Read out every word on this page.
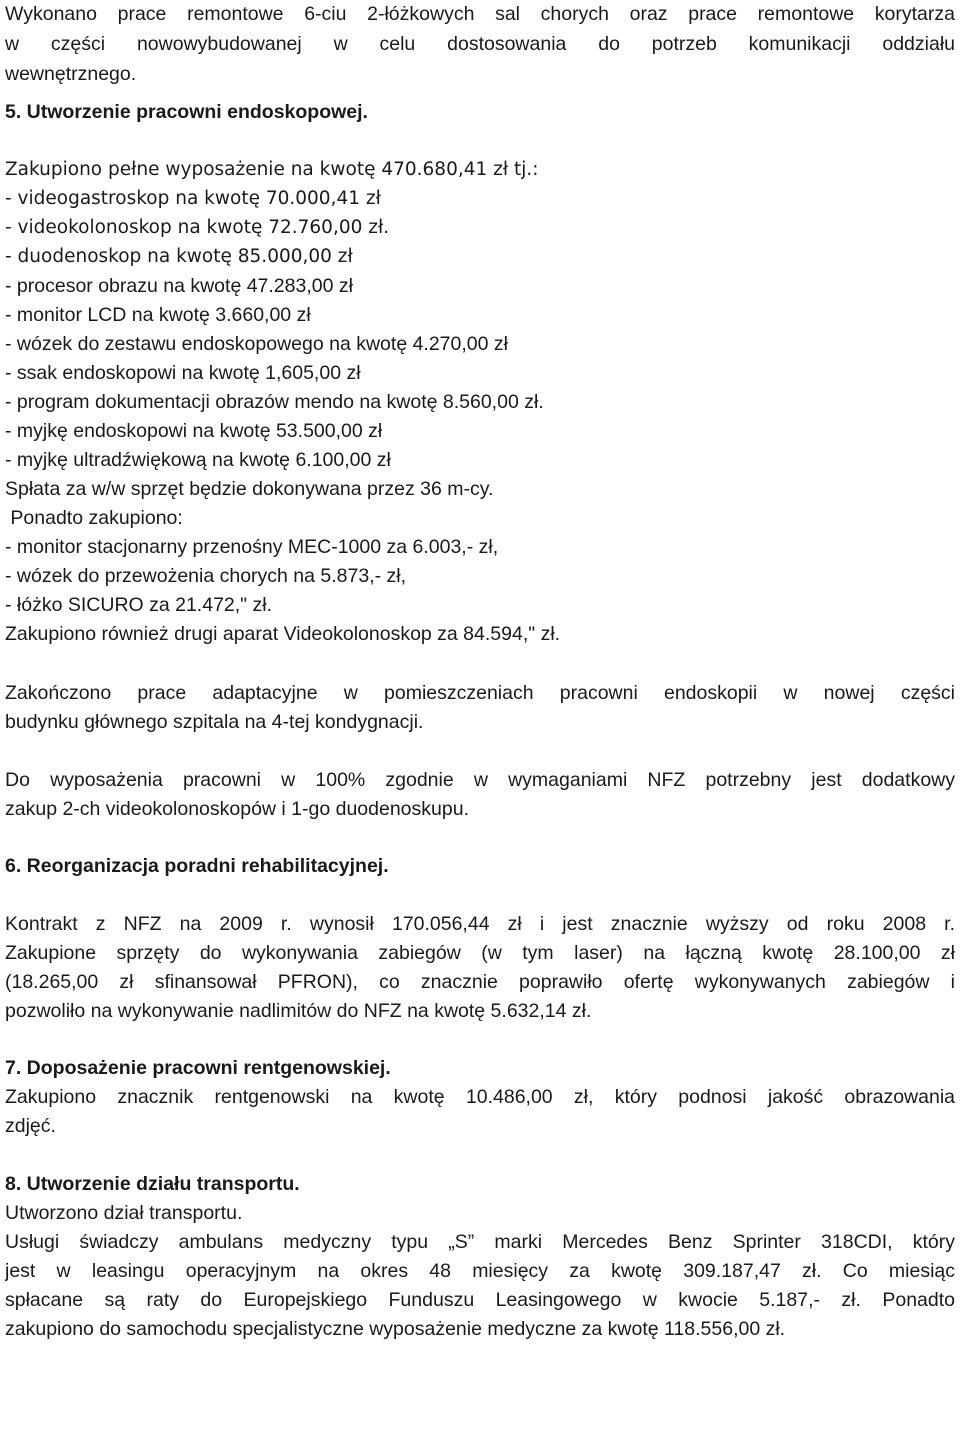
Wykonano prace remontowe 6-ciu 2-łóżkowych sal chorych oraz prace remontowe korytarza
w części nowowybudowanej w celu dostosowania do potrzeb komunikacji oddziału
wewnętrznego.
5. Utworzenie pracowni endoskopowej.
Zakupiono pełne wyposażenie na kwotę 470.680,41 zł tj.:
- videogastroskop na kwotę 70.000,41 zł
- videokolonoskop na kwotę 72.760,00 zł.
- duodenoskop na kwotę 85.000,00 zł
- procesor obrazu na kwotę 47.283,00 zł
- monitor LCD na kwotę 3.660,00 zł
- wózek do zestawu endoskopowego na kwotę 4.270,00 zł
- ssak endoskopowi na kwotę 1,605,00 zł
- program dokumentacji obrazów mendo na kwotę 8.560,00 zł.
- myjkę endoskopowi na kwotę 53.500,00 zł
- myjkę ultradźwiękową na kwotę 6.100,00 zł
Spłata za w/w sprzęt będzie dokonywana przez 36 m-cy.
Ponadto zakupiono:
- monitor stacjonarny przenośny MEC-1000 za 6.003,- zł,
- wózek do przewożenia chorych na 5.873,- zł,
- łóżko SICURO za 21.472," zł.
Zakupiono również drugi aparat Videokolonoskop za 84.594," zł.
Zakończono prace adaptacyjne w pomieszczeniach pracowni endoskopii w nowej części
budynku głównego szpitala na 4-tej kondygnacji.
Do wyposażenia pracowni w 100% zgodnie w wymaganiami NFZ potrzebny jest dodatkowy
zakup 2-ch videokolonoskopów i 1-go duodenoskupu.
6. Reorganizacja poradni rehabilitacyjnej.
Kontrakt z NFZ na 2009 r. wynosił 170.056,44 zł i jest znacznie wyższy od roku 2008 r.
Zakupione sprzęty do wykonywania zabiegów (w tym laser) na łączną kwotę 28.100,00 zł
(18.265,00 zł sfinansował PFRON), co znacznie poprawiło ofertę wykonywanych zabiegów i
pozwoliło na wykonywanie nadlimitów do NFZ na kwotę 5.632,14 zł.
7. Doposażenie pracowni rentgenowskiej.
Zakupiono znacznik rentgenowski na kwotę 10.486,00 zł, który podnosi jakość obrazowania
zdjęć.
8. Utworzenie działu transportu.
Utworzono dział transportu.
Usługi świadczy ambulans medyczny typu „S” marki Mercedes Benz Sprinter 318CDI, który
jest w leasingu operacyjnym na okres 48 miesięcy za kwotę 309.187,47 zł. Co miesiąc
spłacane są raty do Europejskiego Funduszu Leasingowego w kwocie 5.187,- zł. Ponadto
zakupiono do samochodu specjalistyczne wyposażenie medyczne za kwotę 118.556,00 zł.
